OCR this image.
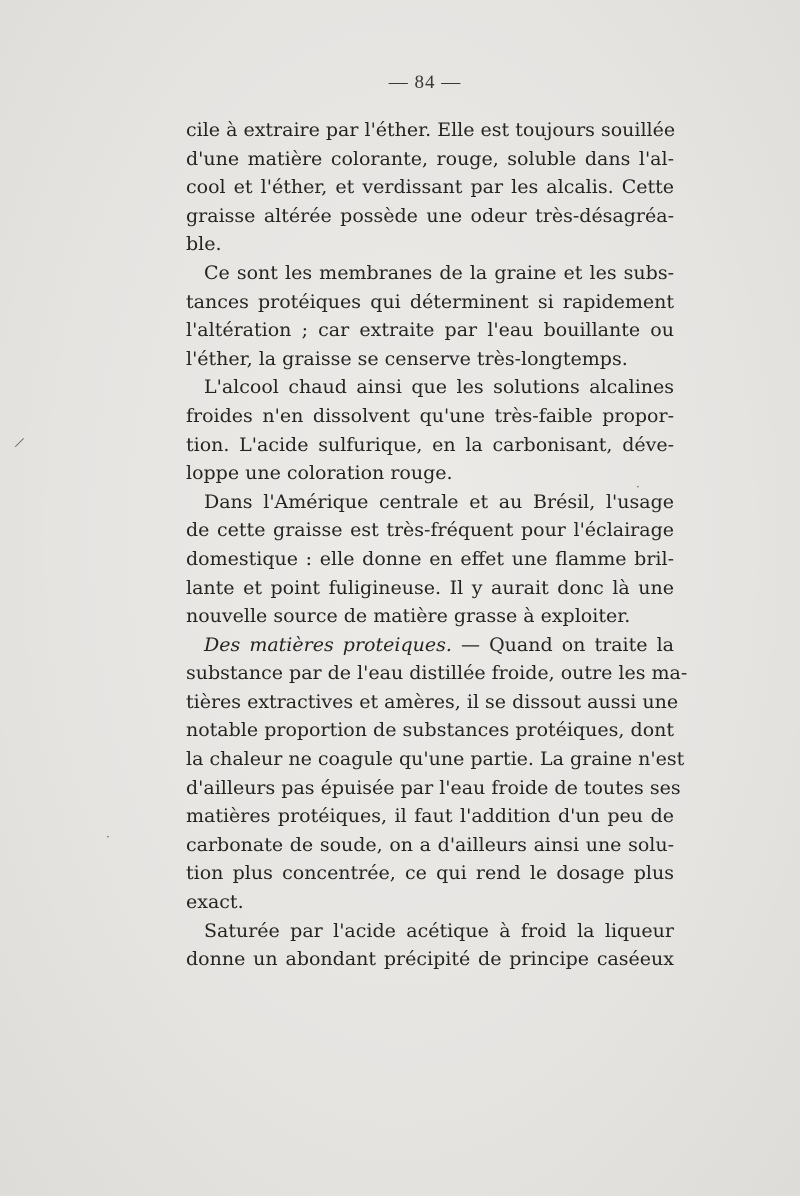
— 84 —
|
·
·
cile à extraire par l'éther. Elle est toujours souillée
d'une matière colorante, rouge, soluble dans l'al-
cool et l'éther, et verdissant par les alcalis. Cette
graisse altérée possède une odeur très-désagréa-
ble.
Ce sont les membranes de la graine et les subs-
tances protéiques qui déterminent si rapidement
l'altération ; car extraite par l'eau bouillante ou
l'éther, la graisse se censerve très-longtemps.
L'alcool chaud ainsi que les solutions alcalines
froides n'en dissolvent qu'une très-faible propor-
tion. L'acide sulfurique, en la carbonisant, déve-
loppe une coloration rouge.
Dans l'Amérique centrale et au Brésil, l'usage
de cette graisse est très-fréquent pour l'éclairage
domestique : elle donne en effet une flamme bril-
lante et point fuligineuse. Il y aurait donc là une
nouvelle source de matière grasse à exploiter.
Des matières proteiques. — Quand on traite la
substance par de l'eau distillée froide, outre les ma-
tières extractives et amères, il se dissout aussi une
notable proportion de substances protéiques, dont
la chaleur ne coagule qu'une partie. La graine n'est
d'ailleurs pas épuisée par l'eau froide de toutes ses
matières protéiques, il faut l'addition d'un peu de
carbonate de soude, on a d'ailleurs ainsi une solu-
tion plus concentrée, ce qui rend le dosage plus
exact.
Saturée par l'acide acétique à froid la liqueur
donne un abondant précipité de principe caséeux
